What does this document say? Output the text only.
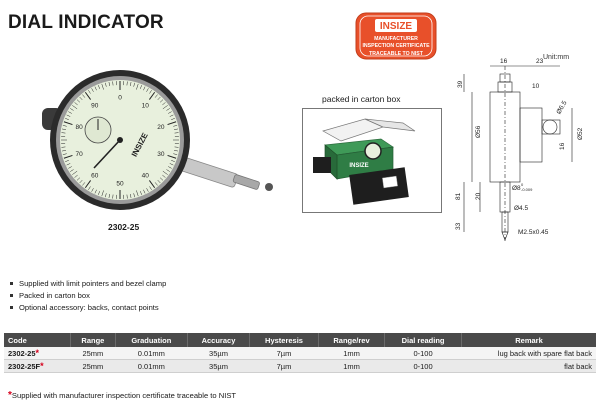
DIAL INDICATOR	INSIZE
MANUFACTURER
INSPECTION CERTIFICATE
TRACEABLE TO NIST	Unit:mm
0
10
20
30
40
50
60
70
80
90
INSIZE
2302-25
packed in carton box
INSIZE
16	23
10
39
Ø56
Ø6.5
Ø52
16
81 20
Ø8
0
-0.009
Ø4.5
33
M2.5x0.45
Supplied with limit pointers and bezel clamp
Packed in carton box
Optional accessory: backs, contact points
Code	Range	Graduation	Accuracy	Hysteresis	Range/rev	Dial reading	Remark
2302-25*	25mm	0.01mm	35µm	7µm	1mm	0-100	lug back with spare flat back
2302-25F*	25mm	0.01mm	35µm	7µm	1mm	0-100	flat back
*Supplied with manufacturer inspection certificate traceable to NIST
